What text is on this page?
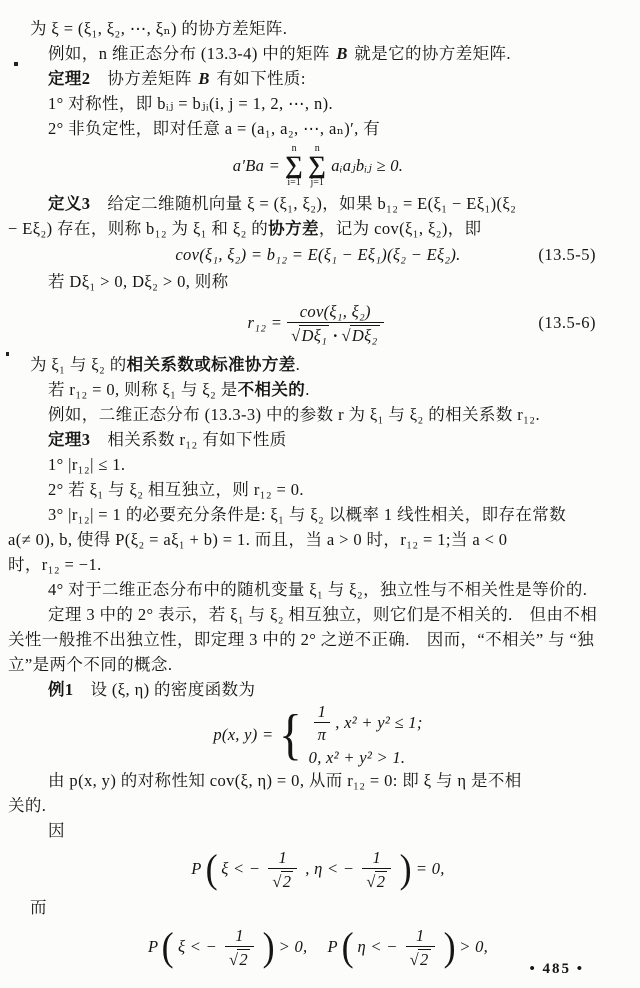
为 ξ = (ξ₁, ξ₂, ⋯, ξₙ) 的协方差矩阵.
例如，n 维正态分布 (13.3-4) 中的矩阵 B 就是它的协方差矩阵.
定理2　协方差矩阵 B 有如下性质:
1° 对称性，即 bᵢⱼ = bⱼᵢ(i, j = 1, 2, ⋯, n).
2° 非负定性，即对任意 a = (a₁, a₂, ⋯, aₙ)′, 有
a′Ba =
n
∑
i=1
n
∑
j=1
aᵢaⱼbᵢⱼ ≥ 0.
定义3　给定二维随机向量 ξ = (ξ₁, ξ₂)，如果 b₁₂ = E(ξ₁ − Eξ₁)(ξ₂
− Eξ₂) 存在，则称 b₁₂ 为 ξ₁ 和 ξ₂ 的协方差，记为 cov(ξ₁, ξ₂)，即
cov(ξ₁, ξ₂) = b₁₂ = E(ξ₁ − Eξ₁)(ξ₂ − Eξ₂).	(13.5-5)
若 Dξ₁ > 0, Dξ₂ > 0, 则称
$r_{12} = \frac{\text{cov(ξ₁, ξ₂)}}{\text{√ Dξ₁ · √ Dξ₂}}$	(13.5-6)
为 ξ₁ 与 ξ₂ 的相关系数或标准协方差.
若 r₁₂ = 0, 则称 ξ₁ 与 ξ₂ 是不相关的.
例如，二维正态分布 (13.3-3) 中的参数 r 为 ξ₁ 与 ξ₂ 的相关系数 r₁₂.
定理3　相关系数 r₁₂ 有如下性质
1° |r₁₂| ≤ 1.
2° 若 ξ₁ 与 ξ₂ 相互独立，则 r₁₂ = 0.
3° |r₁₂| = 1 的必要充分条件是: ξ₁ 与 ξ₂ 以概率 1 线性相关，即存在常数
a(≠ 0), b, 使得 P(ξ₂ = aξ₁ + b) = 1. 而且，当 a > 0 时，r₁₂ = 1;当 a < 0
时，r₁₂ = −1.
4° 对于二维正态分布中的随机变量 ξ₁ 与 ξ₂，独立性与不相关性是等价的.
定理 3 中的 2° 表示，若 ξ₁ 与 ξ₂ 相互独立，则它们是不相关的.　但由不相
关性一般推不出独立性，即定理 3 中的 2° 之逆不正确.　因而，“不相关” 与 “独
立”是两个不同的概念.
例1　设 (ξ, η) 的密度函数为
p(x, y) = { $\frac{1}{\pi}$ , x² + y² ≤ 1;
0, x² + y² > 1.
由 p(x, y) 的对称性知 cov(ξ, η) = 0, 从而 r₁₂ = 0: 即 ξ 与 η 是不相
关的.
因
P ( ξ < − $\frac{1}{√ 2}$ , η < − $\frac{1}{√ 2}$ ) = 0,
而
P ( ξ < − $\frac{1}{√ 2}$ ) > 0, P ( η < − $\frac{1}{√ 2}$ ) > 0,
• 485 •
